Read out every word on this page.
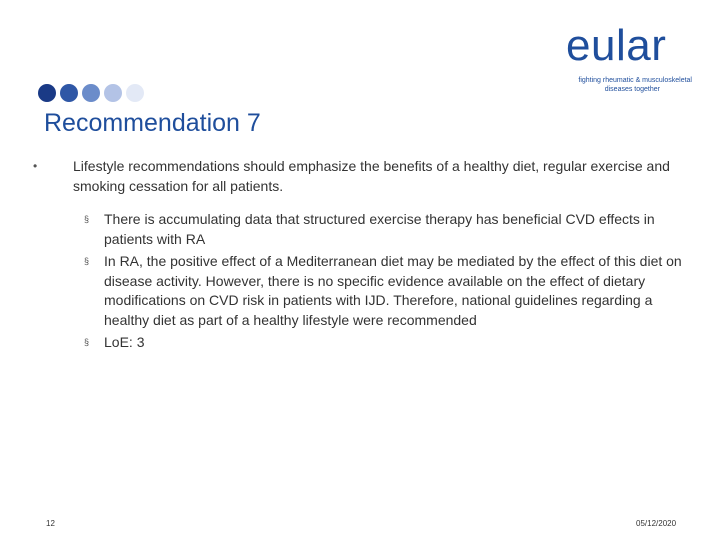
eular
fighting rheumatic & musculoskeletal
diseases together
Recommendation 7
•	Lifestyle recommendations should emphasize the benefits of a healthy diet, regular exercise and smoking cessation for all patients.
§ There is accumulating data that structured exercise therapy has beneficial CVD effects in patients with RA
§ In RA, the positive effect of a Mediterranean diet may be mediated by the effect of this diet on disease activity. However, there is no specific evidence available on the effect of dietary modifications on CVD risk in patients with IJD. Therefore, national guidelines regarding a healthy diet as part of a healthy lifestyle were recommended
§ LoE: 3
12	05/12/2020
